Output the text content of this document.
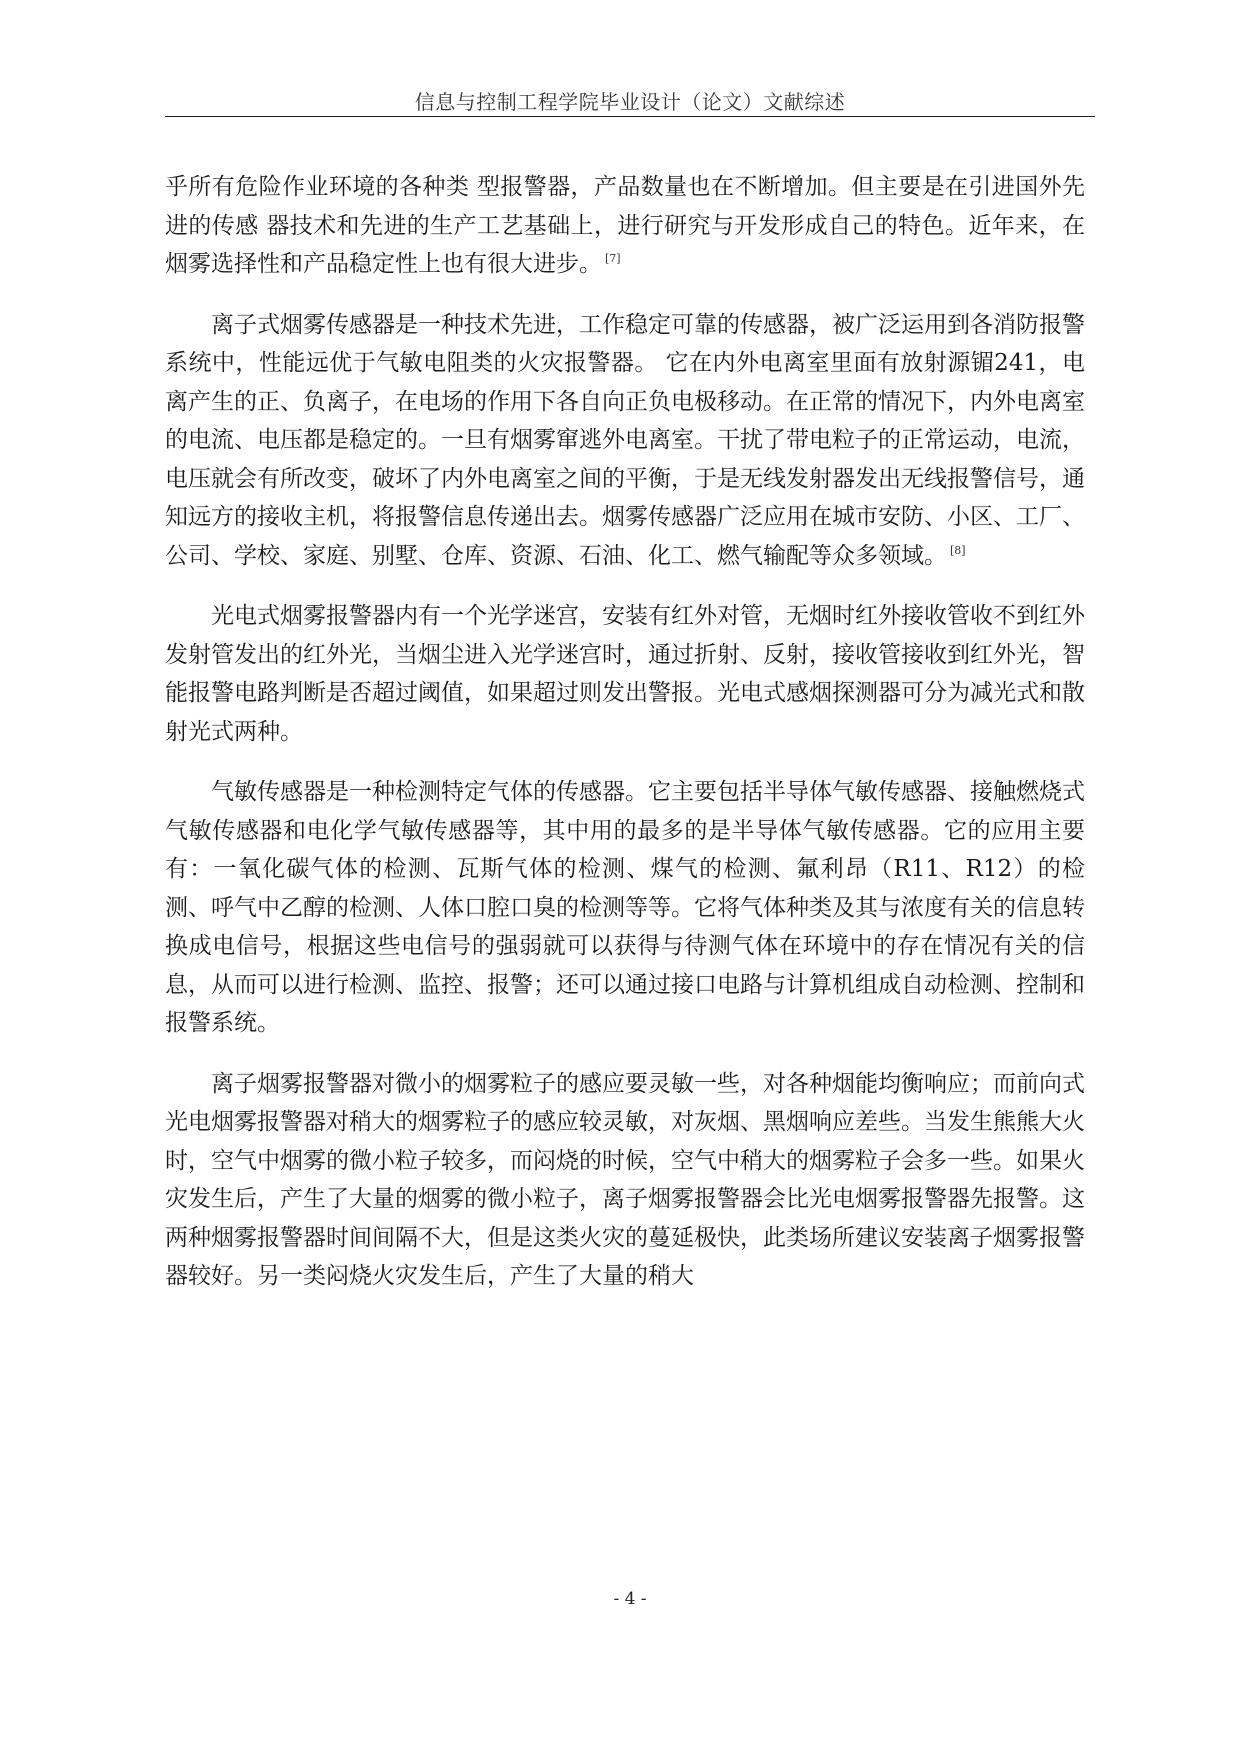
信息与控制工程学院毕业设计（论文）文献综述

乎所有危险作业环境的各种类 型报警器，产品数量也在不断增加。但主要是在引进国外先进的传感 器技术和先进的生产工艺基础上，进行研究与开发形成自己的特色。近年来，在烟雾选择性和产品稳定性上也有很大进步。 [7]

离子式烟雾传感器是一种技术先进，工作稳定可靠的传感器，被广泛运用到各消防报警系统中，性能远优于气敏电阻类的火灾报警器。 它在内外电离室里面有放射源镅241，电离产生的正、负离子，在电场的作用下各自向正负电极移动。在正常的情况下，内外电离室的电流、电压都是稳定的。一旦有烟雾窜逃外电离室。干扰了带电粒子的正常运动，电流，电压就会有所改变，破坏了内外电离室之间的平衡，于是无线发射器发出无线报警信号，通知远方的接收主机，将报警信息传递出去。烟雾传感器广泛应用在城市安防、小区、工厂、公司、学校、家庭、别墅、仓库、资源、石油、化工、燃气输配等众多领域。 [8]

光电式烟雾报警器内有一个光学迷宫，安装有红外对管，无烟时红外接收管收不到红外发射管发出的红外光，当烟尘进入光学迷宫时，通过折射、反射，接收管接收到红外光，智能报警电路判断是否超过阈值，如果超过则发出警报。光电式感烟探测器可分为减光式和散射光式两种。

气敏传感器是一种检测特定气体的传感器。它主要包括半导体气敏传感器、接触燃烧式气敏传感器和电化学气敏传感器等，其中用的最多的是半导体气敏传感器。它的应用主要有：一氧化碳气体的检测、瓦斯气体的检测、煤气的检测、氟利昂（R11、R12）的检测、呼气中乙醇的检测、人体口腔口臭的检测等等。它将气体种类及其与浓度有关的信息转换成电信号，根据这些电信号的强弱就可以获得与待测气体在环境中的存在情况有关的信息，从而可以进行检测、监控、报警；还可以通过接口电路与计算机组成自动检测、控制和报警系统。

离子烟雾报警器对微小的烟雾粒子的感应要灵敏一些，对各种烟能均衡响应；而前向式光电烟雾报警器对稍大的烟雾粒子的感应较灵敏，对灰烟、黑烟响应差些。当发生熊熊大火时，空气中烟雾的微小粒子较多，而闷烧的时候，空气中稍大的烟雾粒子会多一些。如果火灾发生后，产生了大量的烟雾的微小粒子，离子烟雾报警器会比光电烟雾报警器先报警。这两种烟雾报警器时间间隔不大，但是这类火灾的蔓延极快，此类场所建议安装离子烟雾报警器较好。另一类闷烧火灾发生后，产生了大量的稍大

- 4 -
